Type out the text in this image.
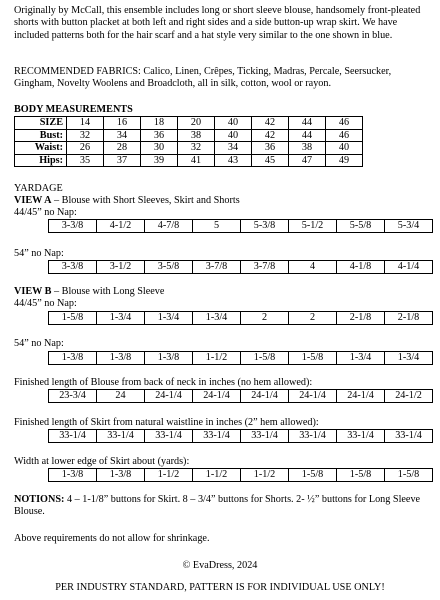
Originally by McCall, this ensemble includes long or short sleeve blouse, handsomely front-pleated shorts with button placket at both left and right sides and a side button-up wrap skirt. We have included patterns both for the hair scarf and a hat style very similar to the one shown in blue.

RECOMMENDED FABRICS: Calico, Linen, Crêpes, Ticking, Madras, Percale, Seersucker, Gingham, Novelty Woolens and Broadcloth, all in silk, cotton, wool or rayon.

BODY MEASUREMENTS

SIZE	14	16	18	20	40	42	44	46
Bust:	32	34	36	38	40	42	44	46
Waist:	26	28	30	32	34	36	38	40
Hips:	35	37	39	41	43	45	47	49

YARDAGE

VIEW A – Blouse with Short Sleeves, Skirt and Shorts

44/45” no Nap:

3-3/8	4-1/2	4-7/8	5	5-3/8	5-1/2	5-5/8	5-3/4

54” no Nap:

3-3/8	3-1/2	3-5/8	3-7/8	3-7/8	4	4-1/8	4-1/4

VIEW B – Blouse with Long Sleeve

44/45” no Nap:

1-5/8	1-3/4	1-3/4	1-3/4	2	2	2-1/8	2-1/8

54” no Nap:

1-3/8	1-3/8	1-3/8	1-1/2	1-5/8	1-5/8	1-3/4	1-3/4

Finished length of Blouse from back of neck in inches (no hem allowed):

23-3/4	24	24-1/4	24-1/4	24-1/4	24-1/4	24-1/4	24-1/2

Finished length of Skirt from natural waistline in inches (2” hem allowed):

33-1/4	33-1/4	33-1/4	33-1/4	33-1/4	33-1/4	33-1/4	33-1/4

Width at lower edge of Skirt about (yards):

1-3/8	1-3/8	1-1/2	1-1/2	1-1/2	1-5/8	1-5/8	1-5/8

NOTIONS: 4 – 1-1/8” buttons for Skirt. 8 – 3/4” buttons for Shorts. 2- ½” buttons for Long Sleeve Blouse.

Above requirements do not allow for shrinkage.

© EvaDress, 2024

PER INDUSTRY STANDARD, PATTERN IS FOR INDIVIDUAL USE ONLY!
